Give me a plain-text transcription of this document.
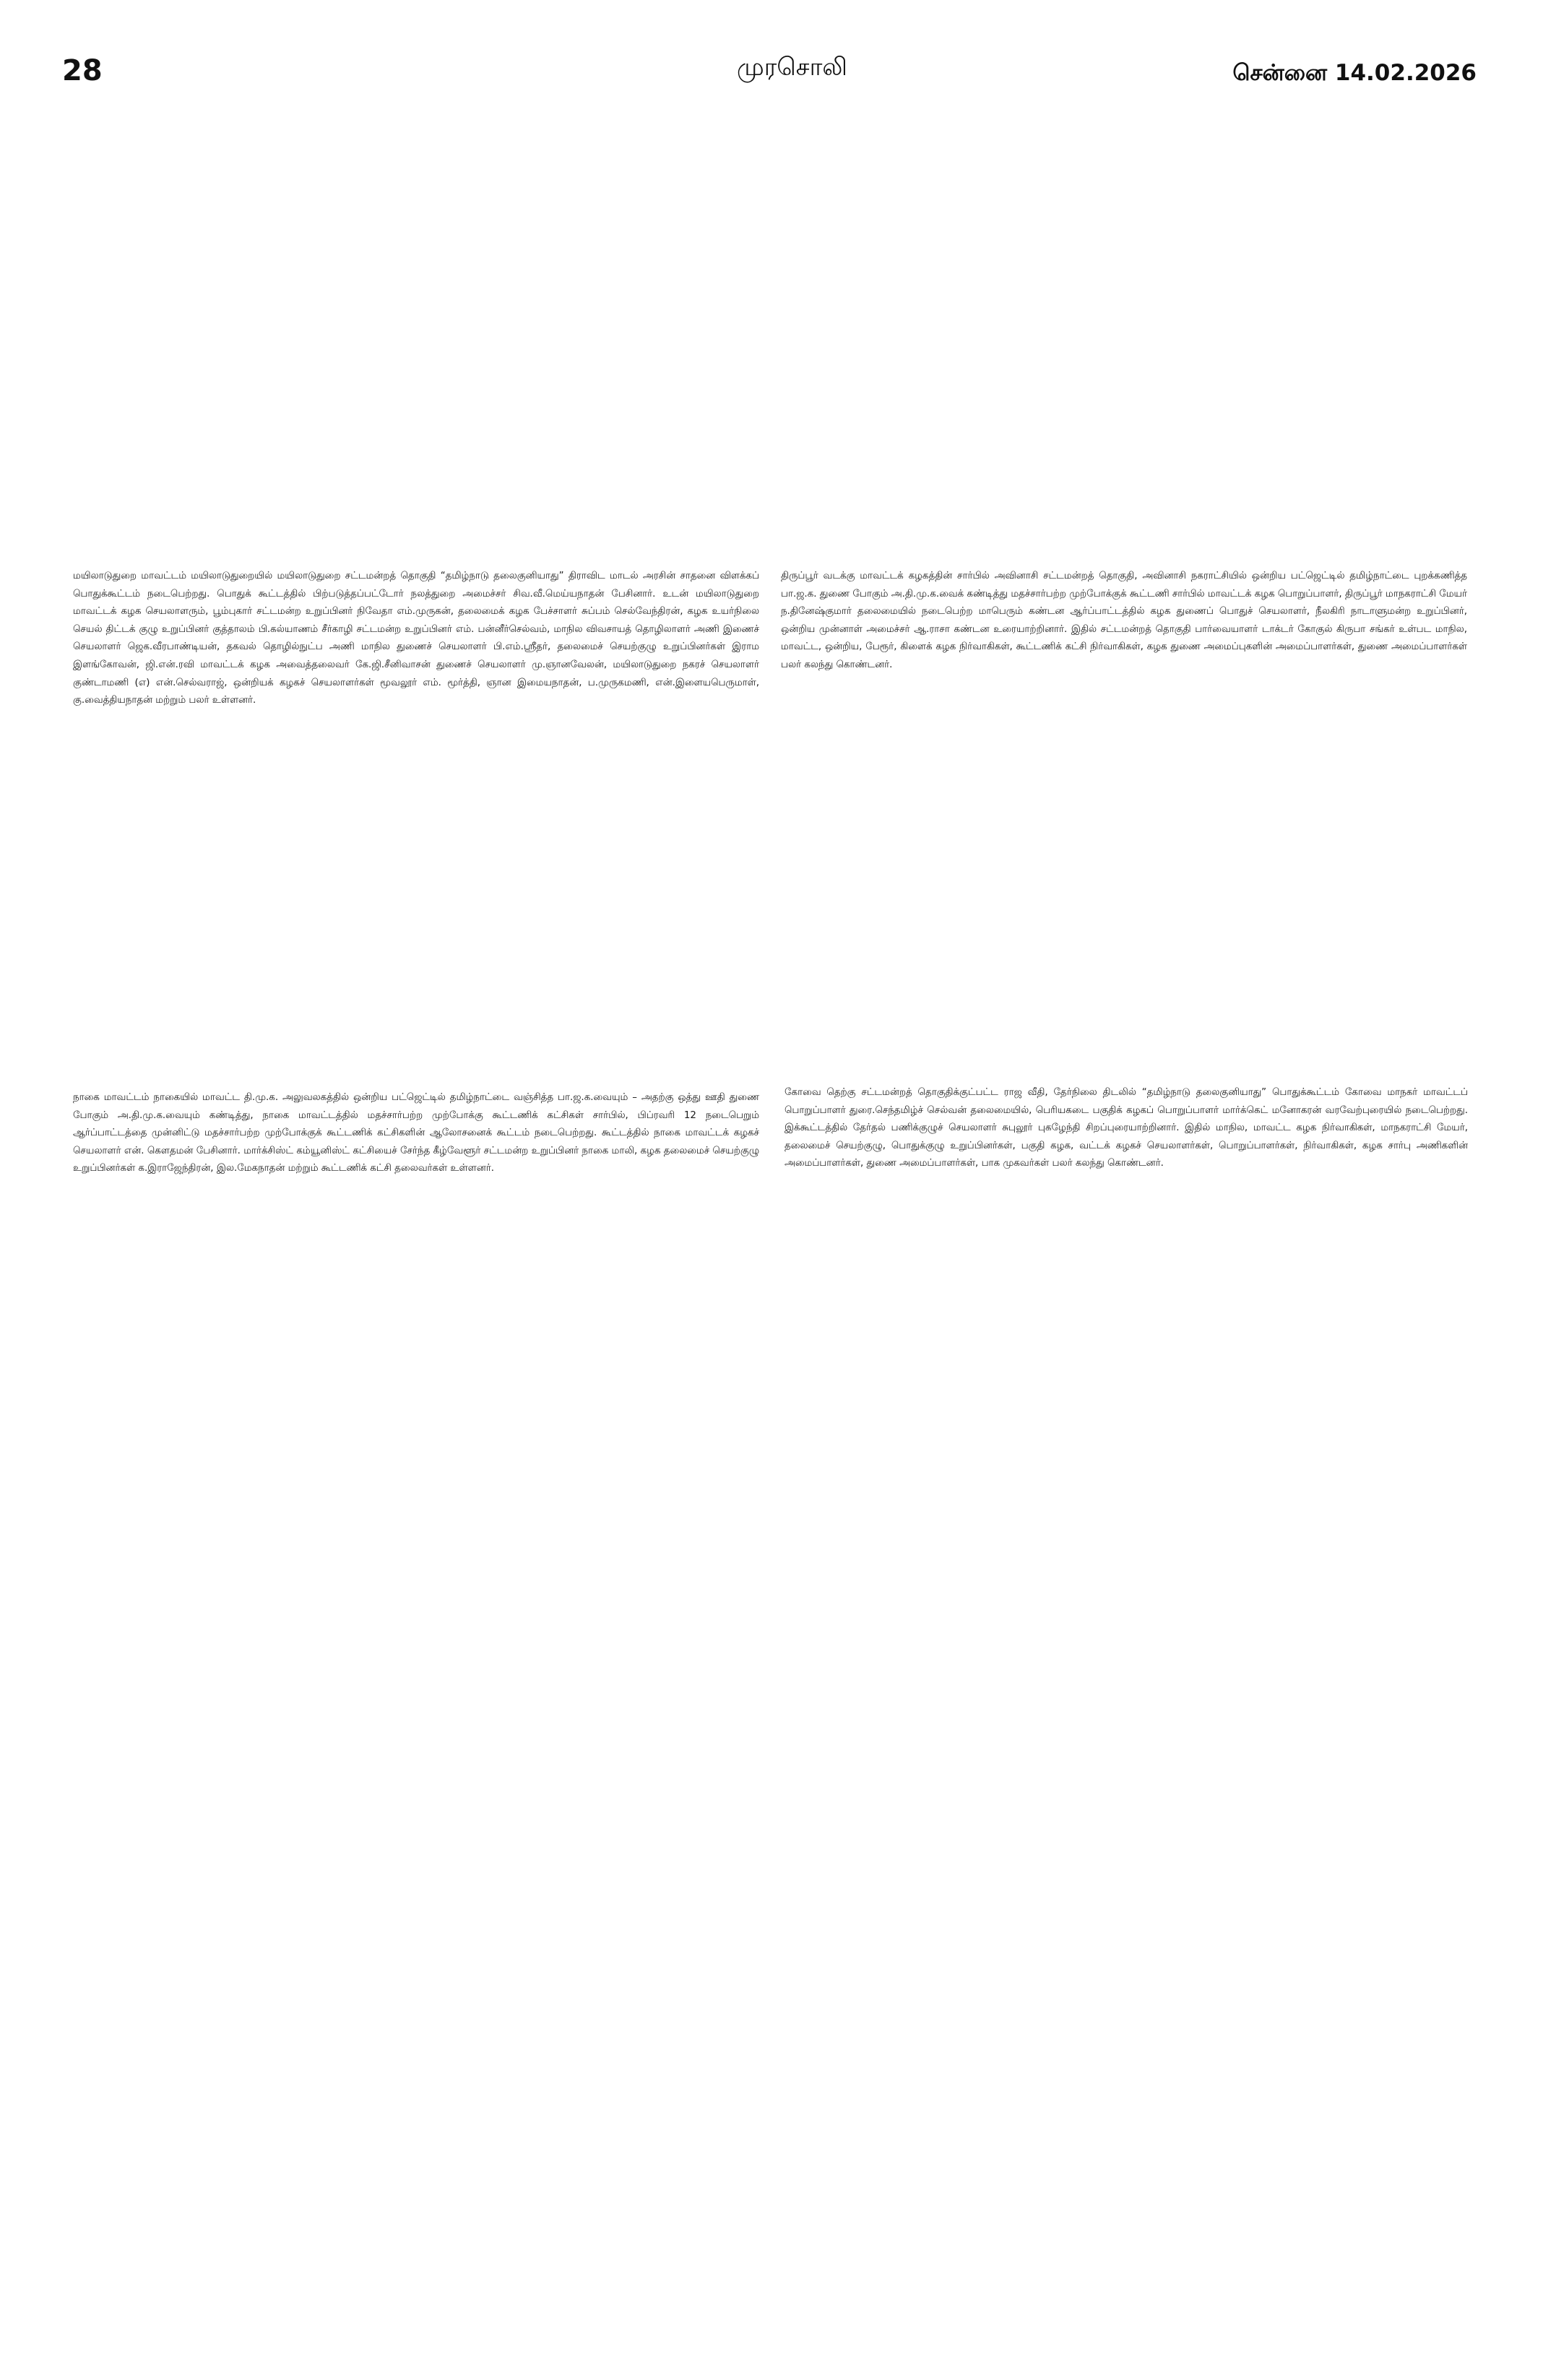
28	முரசொலி	சென்னை 14.02.2026

மயிலாடுதுறை மாவட்டம் மயிலாடுதுறையில் மயிலாடுதுறை சட்டமன்றத் தொகுதி “தமிழ்நாடு தலைகுனியாது” திராவிட மாடல் அரசின் சாதனை விளக்கப் பொதுக்கூட்டம் நடைபெற்றது. பொதுக் கூட்டத்தில் பிற்படுத்தப்பட்டோர் நலத்துறை அமைச்சர் சிவ.வீ.மெய்யநாதன் பேசினார். உடன் மயிலாடுதுறை மாவட்டக் கழக செயலாளரும், பூம்புகார் சட்டமன்ற உறுப்பினர் நிவேதா எம்.முருகன், தலைமைக் கழக பேச்சாளர் சுப்பம் செல்வேந்திரன், கழக உயர்நிலை செயல் திட்டக் குழு உறுப்பினர் குத்தாலம் பி.கல்யாணம் சீர்காழி சட்டமன்ற உறுப்பினர் எம். பன்னீர்செல்வம், மாநில விவசாயத் தொழிலாளர் அணி இணைச் செயலாளர் ஜெக.வீரபாண்டியன், தகவல் தொழில்நுட்ப அணி மாநில துணைச் செயலாளர் பி.எம்.ஸ்ரீதர், தலைமைச் செயற்குழு உறுப்பினர்கள் இராம இளங்கோவன், ஜி.என்.ரவி மாவட்டக் கழக அவைத்தலைவர் கே.ஜி.சீனிவாசன் துணைச் செயலாளர் மு.ஞானவேலன், மயிலாடுதுறை நகரச் செயலாளர் குண்டாமணி (எ) என்.செல்வராஜ், ஒன்றியக் கழகச் செயலாளர்கள் மூவலூர் எம். மூர்த்தி, ஞான இமையநாதன், ப.முருகமணி, என்.இளையபெருமாள், கு.வைத்தியநாதன் மற்றும் பலர் உள்ளனர்.

திருப்பூர் வடக்கு மாவட்டக் கழகத்தின் சார்பில் அவினாசி சட்டமன்றத் தொகுதி, அவினாசி நகராட்சியில் ஒன்றிய பட்ஜெட்டில் தமிழ்நாட்டை புறக்கணித்த பா.ஜ.க. துணை போகும் அ.தி.மு.க.வைக் கண்டித்து மதச்சார்பற்ற முற்போக்குக் கூட்டணி சார்பில் மாவட்டக் கழக பொறுப்பாளர், திருப்பூர் மாநகராட்சி மேயர் ந.தினேஷ்குமார் தலைமையில் நடைபெற்ற மாபெரும் கண்டன ஆர்ப்பாட்டத்தில் கழக துணைப் பொதுச் செயலாளர், நீலகிரி நாடாளுமன்ற உறுப்பினர், ஒன்றிய முன்னாள் அமைச்சர் ஆ.ராசா கண்டன உரையாற்றினார். இதில் சட்டமன்றத் தொகுதி பார்வையாளர் டாக்டர் கோகுல் கிருபா சங்கர் உள்பட மாநில, மாவட்ட, ஒன்றிய, பேரூர், கிளைக் கழக நிர்வாகிகள், கூட்டணிக் கட்சி நிர்வாகிகள், கழக துணை அமைப்புகளின் அமைப்பாளர்கள், துணை அமைப்பாளர்கள் பலர் கலந்து கொண்டனர்.

நாகை மாவட்டம் நாகையில் மாவட்ட தி.மு.க. அலுவலகத்தில் ஒன்றிய பட்ஜெட்டில் தமிழ்நாட்டை வஞ்சித்த பா.ஜ.க.வையும் – அதற்கு ஒத்து ஊதி துணை போகும் அ.தி.மு.க.வையும் கண்டித்து, நாகை மாவட்டத்தில் மதச்சார்பற்ற முற்போக்கு கூட்டணிக் கட்சிகள் சார்பில், பிப்ரவரி 12 நடைபெறும் ஆர்ப்பாட்டத்தை முன்னிட்டு மதச்சார்பற்ற முற்போக்குக் கூட்டணிக் கட்சிகளின் ஆலோசனைக் கூட்டம் நடைபெற்றது. கூட்டத்தில் நாகை மாவட்டக் கழகச் செயலாளர் என். கௌதமன் பேசினார். மார்க்சிஸ்ட் கம்யூனிஸ்ட் கட்சியைச் சேர்ந்த கீழ்வேளூர் சட்டமன்ற உறுப்பினர் நாகை மாலி, கழக தலைமைச் செயற்குழு உறுப்பினர்கள் க.இராஜேந்திரன், இல.மேகநாதன் மற்றும் கூட்டணிக் கட்சி தலைவர்கள் உள்ளனர்.

கோவை தெற்கு சட்டமன்றத் தொகுதிக்குட்பட்ட ராஜ வீதி, தேர்நிலை திடலில் “தமிழ்நாடு தலைகுனியாது” பொதுக்கூட்டம் கோவை மாநகர் மாவட்டப் பொறுப்பாளர் துரை.செந்தமிழ்ச் செல்வன் தலைமையில், பெரியகடை பகுதிக் கழகப் பொறுப்பாளர் மார்க்கெட் மனோகரன் வரவேற்புரையில் நடைபெற்றது. இக்கூட்டத்தில் தேர்தல் பணிக்குழுச் செயலாளர் சுபுலூர் புகழேந்தி சிறப்புரையாற்றினார். இதில் மாநில, மாவட்ட கழக நிர்வாகிகள், மாநகராட்சி மேயர், தலைமைச் செயற்குழு, பொதுக்குழு உறுப்பினர்கள், பகுதி கழக, வட்டக் கழகச் செயலாளர்கள், பொறுப்பாளர்கள், நிர்வாகிகள், கழக சார்பு அணிகளின் அமைப்பாளர்கள், துணை அமைப்பாளர்கள், பாக முகவர்கள் பலர் கலந்து கொண்டனர்.
